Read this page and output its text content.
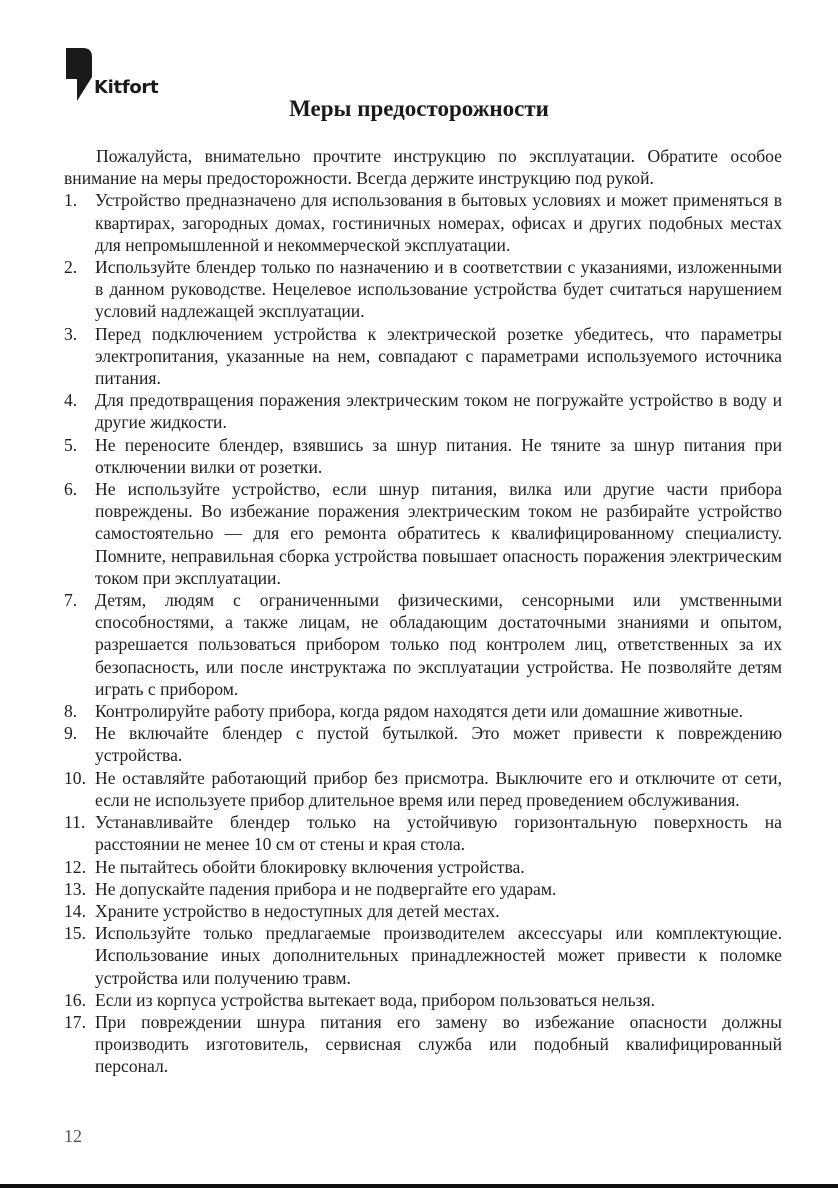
Kitfort
Меры предосторожности

Пожалуйста, внимательно прочтите инструкцию по эксплуатации. Обратите особое внимание на меры предосторожности. Всегда держите инструкцию под рукой.

1. Устройство предназначено для использования в бытовых условиях и может применяться в квартирах, загородных домах, гостиничных номерах, офисах и других подобных местах для непромышленной и некоммерческой эксплуатации.
2. Используйте блендер только по назначению и в соответствии с указаниями, изложенными в данном руководстве. Нецелевое использование устройства будет считаться нарушением условий надлежащей эксплуатации.
3. Перед подключением устройства к электрической розетке убедитесь, что параметры электропитания, указанные на нем, совпадают с параметрами используемого источника питания.
4. Для предотвращения поражения электрическим током не погружайте устройство в воду и другие жидкости.
5. Не переносите блендер, взявшись за шнур питания. Не тяните за шнур питания при отключении вилки от розетки.
6. Не используйте устройство, если шнур питания, вилка или другие части прибора повреждены. Во избежание поражения электрическим током не разбирайте устройство самостоятельно — для его ремонта обратитесь к квалифицированному специалисту. Помните, неправильная сборка устройства повышает опасность поражения электрическим током при эксплуатации.
7. Детям, людям с ограниченными физическими, сенсорными или умственными способностями, а также лицам, не обладающим достаточными знаниями и опытом, разрешается пользоваться прибором только под контролем лиц, ответственных за их безопасность, или после инструктажа по эксплуатации устройства. Не позволяйте детям играть с прибором.
8. Контролируйте работу прибора, когда рядом находятся дети или домашние животные.
9. Не включайте блендер с пустой бутылкой. Это может привести к повреждению устройства.
10. Не оставляйте работающий прибор без присмотра. Выключите его и отключите от сети, если не используете прибор длительное время или перед проведением обслуживания.
11. Устанавливайте блендер только на устойчивую горизонтальную поверхность на расстоянии не менее 10 см от стены и края стола.
12. Не пытайтесь обойти блокировку включения устройства.
13. Не допускайте падения прибора и не подвергайте его ударам.
14. Храните устройство в недоступных для детей местах.
15. Используйте только предлагаемые производителем аксессуары или комплектующие. Использование иных дополнительных принадлежностей может привести к поломке устройства или получению травм.
16. Если из корпуса устройства вытекает вода, прибором пользоваться нельзя.
17. При повреждении шнура питания его замену во избежание опасности должны производить изготовитель, сервисная служба или подобный квалифицированный персонал.
12
